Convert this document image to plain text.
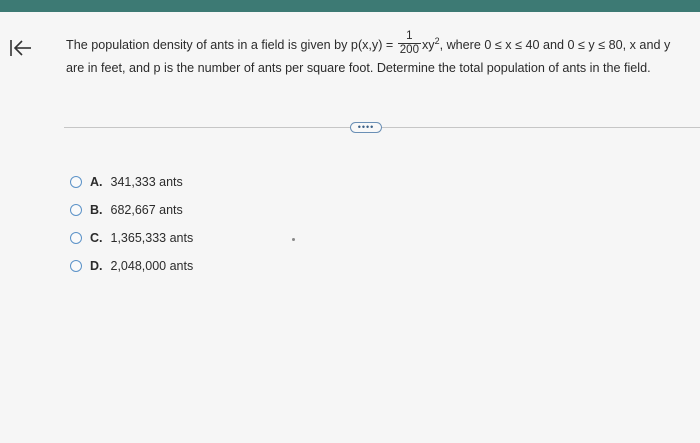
The population density of ants in a field is given by $p(x,y) = \frac{1}{200} xy^2$, where 0 ≤ x ≤ 40 and 0 ≤ y ≤ 80, x and y are in feet, and p is the number of ants per square foot. Determine the total population of ants in the field.
••••
A. 341,333 ants
B. 682,667 ants
C. 1,365,333 ants
D. 2,048,000 ants
